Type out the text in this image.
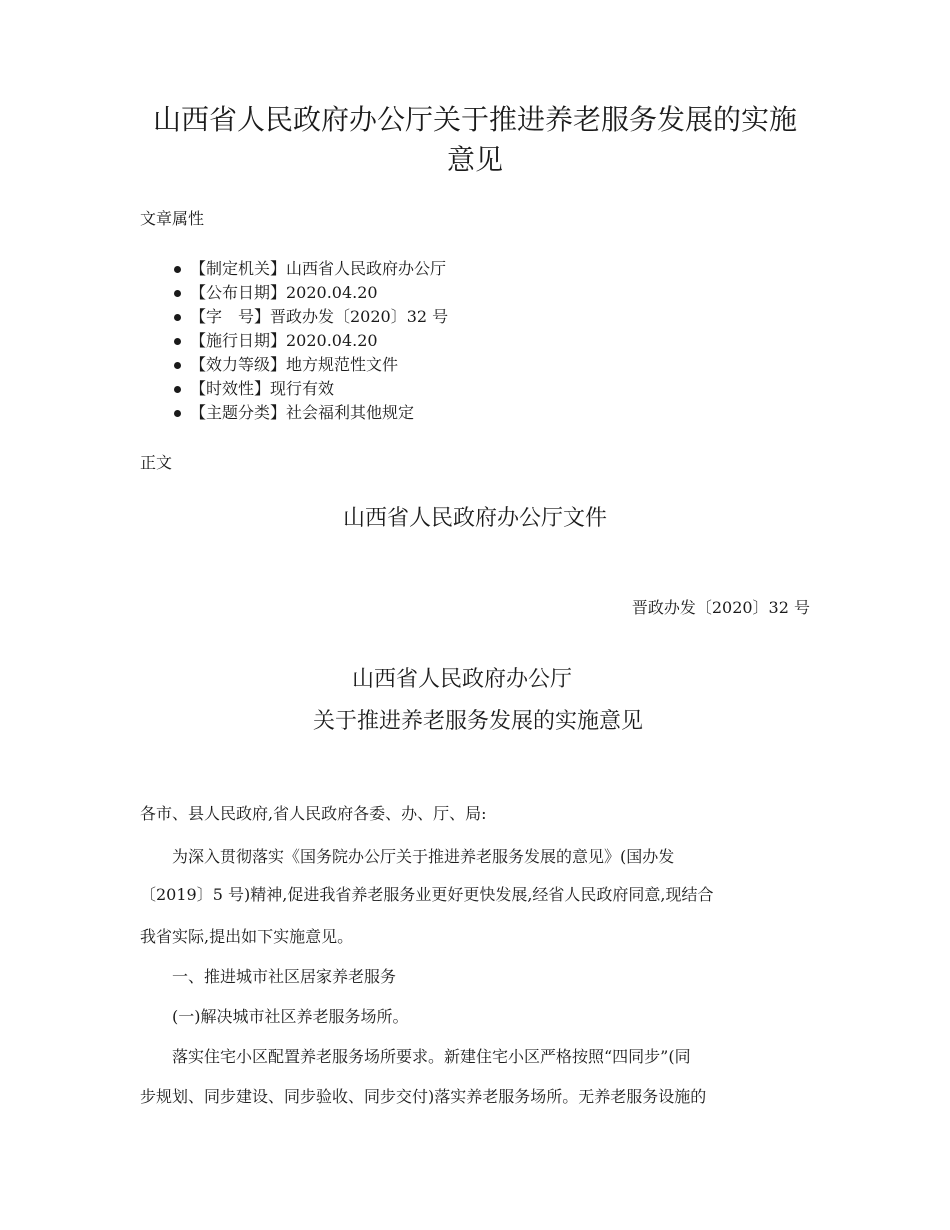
山西省人民政府办公厅关于推进养老服务发展的实施
意见
文章属性
【制定机关】山西省人民政府办公厅
【公布日期】2020.04.20
【字　号】晋政办发〔2020〕32 号
【施行日期】2020.04.20
【效力等级】地方规范性文件
【时效性】现行有效
【主题分类】社会福利其他规定
正文
山西省人民政府办公厅文件
晋政办发〔2020〕32 号
山西省人民政府办公厅
关于推进养老服务发展的实施意见
各市、县人民政府,省人民政府各委、办、厅、局:
　　为深入贯彻落实《国务院办公厅关于推进养老服务发展的意见》(国办发
〔2019〕5 号)精神,促进我省养老服务业更好更快发展,经省人民政府同意,现结合
我省实际,提出如下实施意见。
　　一、推进城市社区居家养老服务
　　(一)解决城市社区养老服务场所。
　　落实住宅小区配置养老服务场所要求。新建住宅小区严格按照“四同步”(同
步规划、同步建设、同步验收、同步交付)落实养老服务场所。无养老服务设施的
